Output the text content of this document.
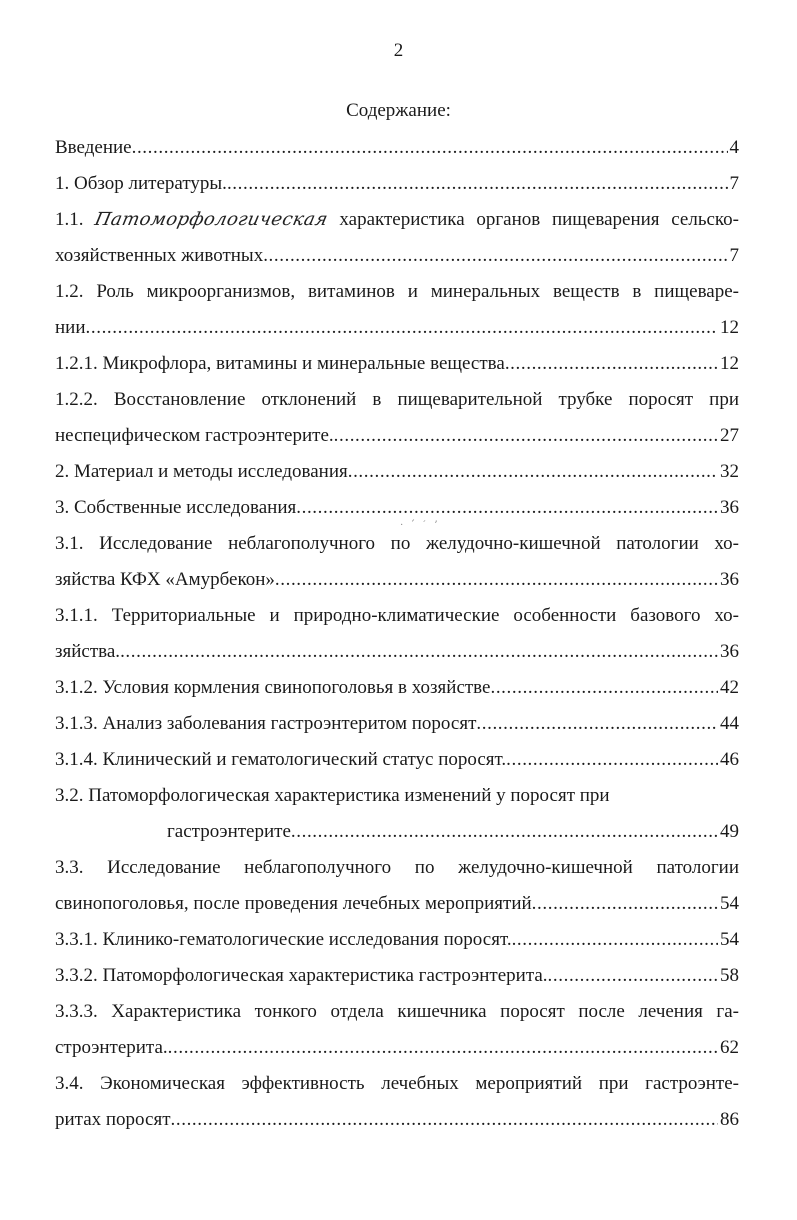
2
Содержание:
Введение .....	4
1. Обзор литературы. .....	7
1.1. Патоморфологическая характеристика органов пищеварения сельско-
хозяйственных животных .....	7
1.2. Роль микроорганизмов, витаминов и минеральных веществ в пищеваре-
нии .....	12
1.2.1. Микрофлора, витамины и минеральные вещества .....	12
1.2.2. Восстановление отклонений в пищеварительной трубке поросят при
неспецифическом гастроэнтерите. .....	27
2. Материал и методы исследования .....	32
3. Собственные исследования .....	36
3.1. Исследование неблагополучного по желудочно-кишечной патологии хо-
зяйства КФХ «Амурбекон» .....	36
3.1.1. Территориальные и природно-климатические особенности базового хо-
зяйства. .....	36
3.1.2. Условия кормления свинопоголовья в хозяйстве .....	42
3.1.3. Анализ заболевания гастроэнтеритом поросят .....	44
3.1.4. Клинический и гематологический статус поросят. .....	46
3.2. Патоморфологическая характеристика изменений у поросят при
гастроэнтерите .....	49
3.3. Исследование неблагополучного по желудочно-кишечной патологии
свинопоголовья, после проведения лечебных мероприятий .....	54
3.3.1. Клинико-гематологические исследования поросят. .....	54
3.3.2. Патоморфологическая характеристика гастроэнтерита. .....	58
3.3.3. Характеристика тонкого отдела кишечника поросят после лечения га-
строэнтерита. .....	62
3.4. Экономическая эффективность лечебных мероприятий при гастроэнте-
ритах поросят .....	86
· ՛ ˊ ՚
